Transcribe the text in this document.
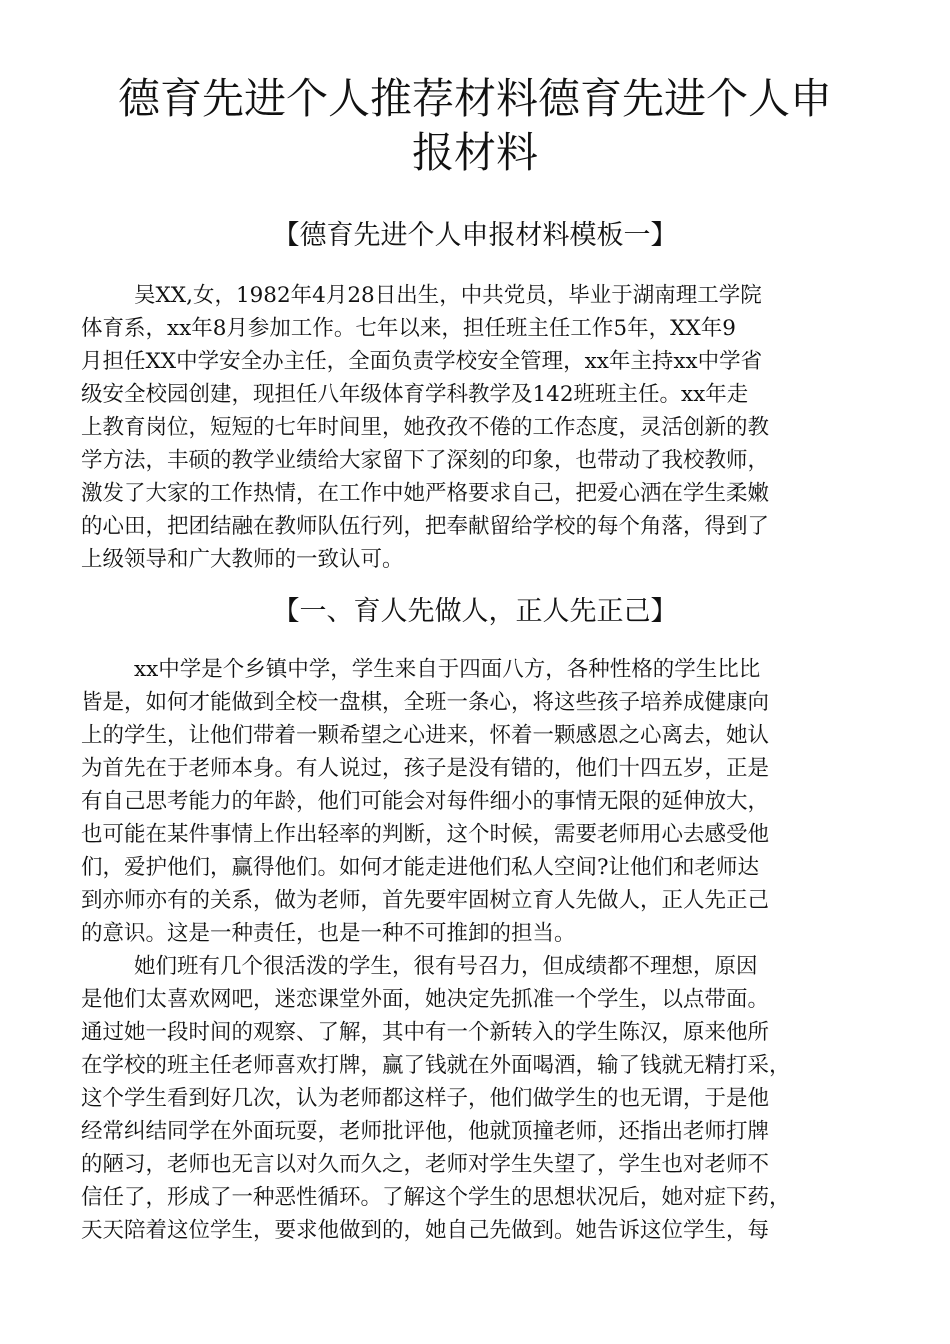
德育先进个人推荐材料德育先进个人申
报材料
【德育先进个人申报材料模板一】

吴XX,女，1982年4月28日出生，中共党员，毕业于湖南理工学院

体育系，xx年8月参加工作。七年以来，担任班主任工作5年，XX年9

月担任XX中学安全办主任，全面负责学校安全管理，xx年主持xx中学省

级安全校园创建，现担任八年级体育学科教学及142班班主任。xx年走

上教育岗位，短短的七年时间里，她孜孜不倦的工作态度，灵活创新的教

学方法，丰硕的教学业绩给大家留下了深刻的印象，也带动了我校教师，

激发了大家的工作热情，在工作中她严格要求自己，把爱心洒在学生柔嫩

的心田，把团结融在教师队伍行列，把奉献留给学校的每个角落，得到了

上级领导和广大教师的一致认可。

【一、育人先做人，正人先正己】

xx中学是个乡镇中学，学生来自于四面八方，各种性格的学生比比

皆是，如何才能做到全校一盘棋，全班一条心，将这些孩子培养成健康向

上的学生，让他们带着一颗希望之心进来，怀着一颗感恩之心离去，她认

为首先在于老师本身。有人说过，孩子是没有错的，他们十四五岁，正是

有自己思考能力的年龄，他们可能会对每件细小的事情无限的延伸放大，

也可能在某件事情上作出轻率的判断，这个时候，需要老师用心去感受他

们，爱护他们，赢得他们。如何才能走进他们私人空间?让他们和老师达

到亦师亦有的关系，做为老师，首先要牢固树立育人先做人，正人先正己

的意识。这是一种责任，也是一种不可推卸的担当。

她们班有几个很活泼的学生，很有号召力，但成绩都不理想，原因

是他们太喜欢网吧，迷恋课堂外面，她决定先抓准一个学生，以点带面。

通过她一段时间的观察、了解，其中有一个新转入的学生陈汉，原来他所

在学校的班主任老师喜欢打牌，赢了钱就在外面喝酒，输了钱就无精打采，

这个学生看到好几次，认为老师都这样子，他们做学生的也无谓，于是他

经常纠结同学在外面玩耍，老师批评他，他就顶撞老师，还指出老师打牌

的陋习，老师也无言以对久而久之，老师对学生失望了，学生也对老师不

信任了，形成了一种恶性循环。了解这个学生的思想状况后，她对症下药，

天天陪着这位学生，要求他做到的，她自己先做到。她告诉这位学生，每
